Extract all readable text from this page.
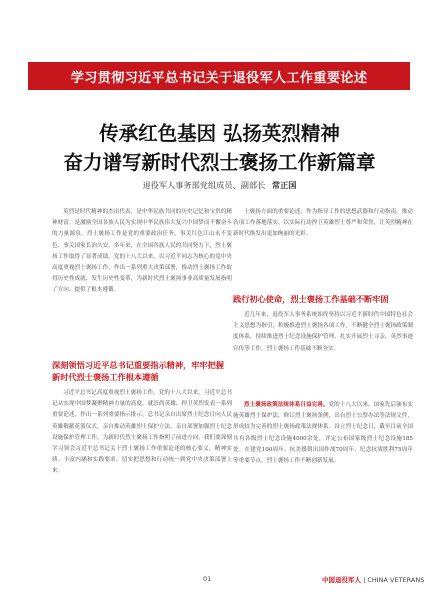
学习贯彻习近平总书记关于退役军人工作重要论述
传承红色基因 弘扬英烈精神
奋力谱写新时代烈士褒扬工作新篇章
退役军人事务部党组成员、副部长 常正国

英烈是时代精神的杰出代表，是中华民族共同的历史记忆和宝贵的精神财富。是激励全国各族人民为实现中华民族伟大复兴中国梦而不懈奋斗的力量源泉。烈士褒扬工作是党的重要政治任务，事关红色江山永不变色、事关国家长治久安。多年来，在全国各族人民的共同努力下，烈士褒扬工作取得了显著成绩。党的十八大以来，以习近平同志为核心的党中央高度重视烈士褒扬工作，作出一系列重大决策部署，推动烈士褒扬工作取得历史性成就、发生历史性变革，为新时代烈士褒扬事业高质量发展指明了方向、提供了根本遵循。

深刻领悟习近平总书记重要指示精神，牢牢把握新时代烈士褒扬工作根本遵循

习近平总书记高度重视烈士褒扬工作。党的十八大以来，习近平总书记从实现中国梦凝聚精神力量的高度，就崇尚英雄、捍卫英烈发表一系列重要论述，作出一系列重要指示批示。总书记亲自出席烈士纪念日向人民英雄敬献花篮仪式，亲自推动英雄烈士保护立法，亲自部署加强烈士纪念设施保护管理工作，为新时代烈士褒扬工作指明了前进方向。我们要深刻学习领会习近平总书记关于烈士褒扬工作重要论述的核心要义、精神实质、丰富内涵和实践要求，切实把思想和行动统一到党中央决策部署上来。

士褒扬方面的重要论述，作为指导工作的思想武器和行动指南，推动各项工作落地落实，以实际行动捍卫英雄烈士尊严和荣誉，让英烈精神在新时代焕发出更加绚丽的光彩。

践行初心使命，烈士褒扬工作基础不断牢固

近几年来，退役军人事务系统始终坚持以习近平新时代中国特色社会主义思想为指引，积极推进烈士褒扬各项工作，不断健全烈士褒扬政策制度体系，持续推进烈士纪念设施保护管理，扎实开展烈士寻亲、英烈事迹宣传等工作，烈士褒扬工作基础不断夯实。

烈士褒扬政策法规体系日益完善。党的十八大以来，国家先后颁布实施英雄烈士保护法，修订烈士褒扬条例，出台烈士公祭办法等法规文件，形成较为完善的烈士褒扬政策法规体系。设立烈士纪念日，截至目前全国共有各级烈士纪念设施4000余处，评定公布国家级烈士纪念设施185处。在建党100周年、抗美援朝出国作战70周年、纪念抗战胜利75周年等重要节点，烈士褒扬工作不断创新发展。

01	中国退役军人 | CHINA VETERANS
